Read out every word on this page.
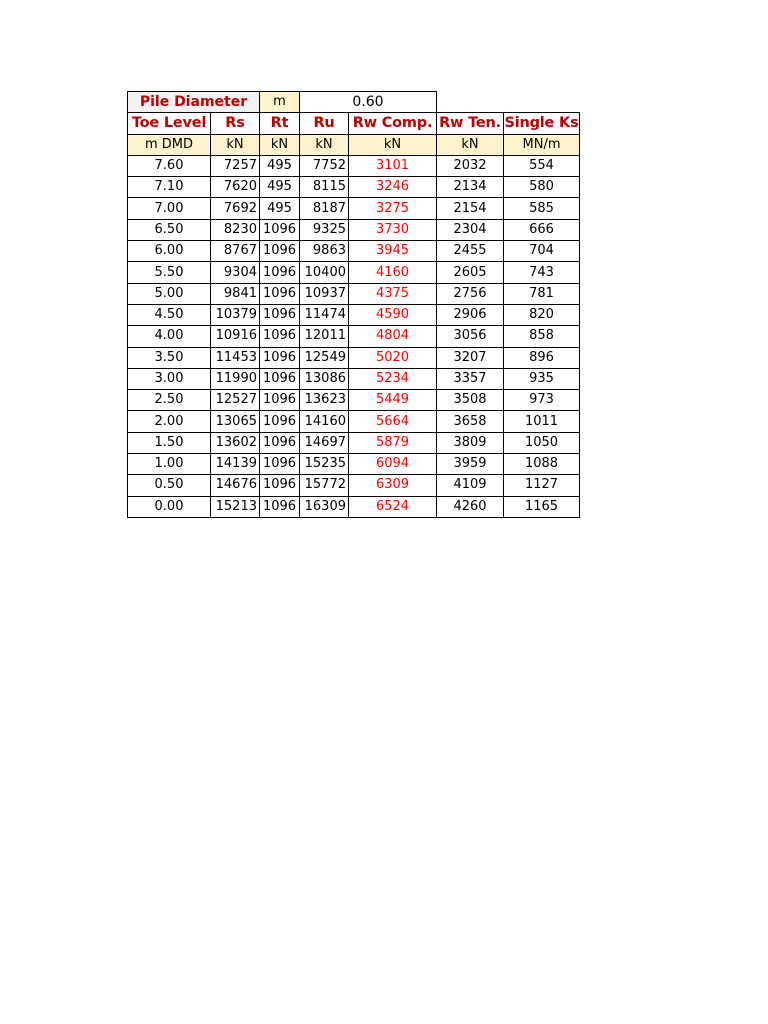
Pile Diameter		m	0.60			
Toe Level	Rs	Rt	Ru	Rw Comp.	Rw Ten.	Single Ks
m DMD	kN	kN	kN	kN	kN	MN/m
7.60	7257	495	7752	3101	2032	554
7.10	7620	495	8115	3246	2134	580
7.00	7692	495	8187	3275	2154	585
6.50	8230	1096	9325	3730	2304	666
6.00	8767	1096	9863	3945	2455	704
5.50	9304	1096	10400	4160	2605	743
5.00	9841	1096	10937	4375	2756	781
4.50	10379	1096	11474	4590	2906	820
4.00	10916	1096	12011	4804	3056	858
3.50	11453	1096	12549	5020	3207	896
3.00	11990	1096	13086	5234	3357	935
2.50	12527	1096	13623	5449	3508	973
2.00	13065	1096	14160	5664	3658	1011
1.50	13602	1096	14697	5879	3809	1050
1.00	14139	1096	15235	6094	3959	1088
0.50	14676	1096	15772	6309	4109	1127
0.00	15213	1096	16309	6524	4260	1165
